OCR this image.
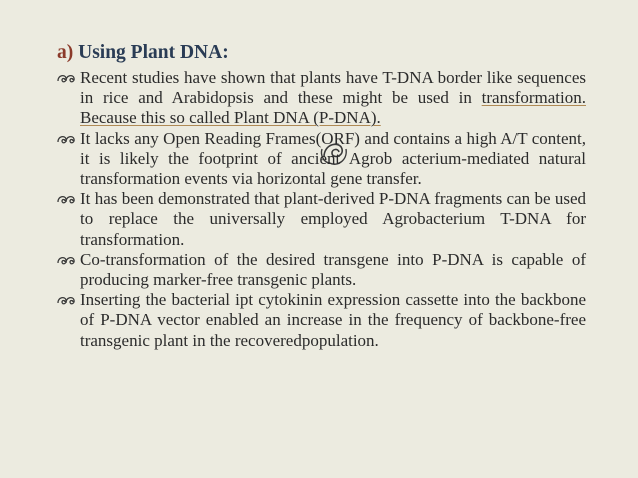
a) Using Plant DNA:
Recent studies have shown that plants have T-DNA border like sequences in rice and Arabidopsis and these might be used in transformation. Because this so called Plant DNA (P-DNA).
It lacks any Open Reading Frames(ORF) and contains a high A/T content, it is likely the footprint of ancient Agrob acterium-mediated natural transformation events via horizontal gene transfer.
It has been demonstrated that plant-derived P-DNA fragments can be used to replace the universally employed Agrobacterium T-DNA for transformation.
Co-transformation of the desired transgene into P-DNA is capable of producing marker-free transgenic plants.
Inserting the bacterial ipt cytokinin expression cassette into the backbone of P-DNA vector enabled an increase in the frequency of backbone-free transgenic plant in the recoveredpopulation.
